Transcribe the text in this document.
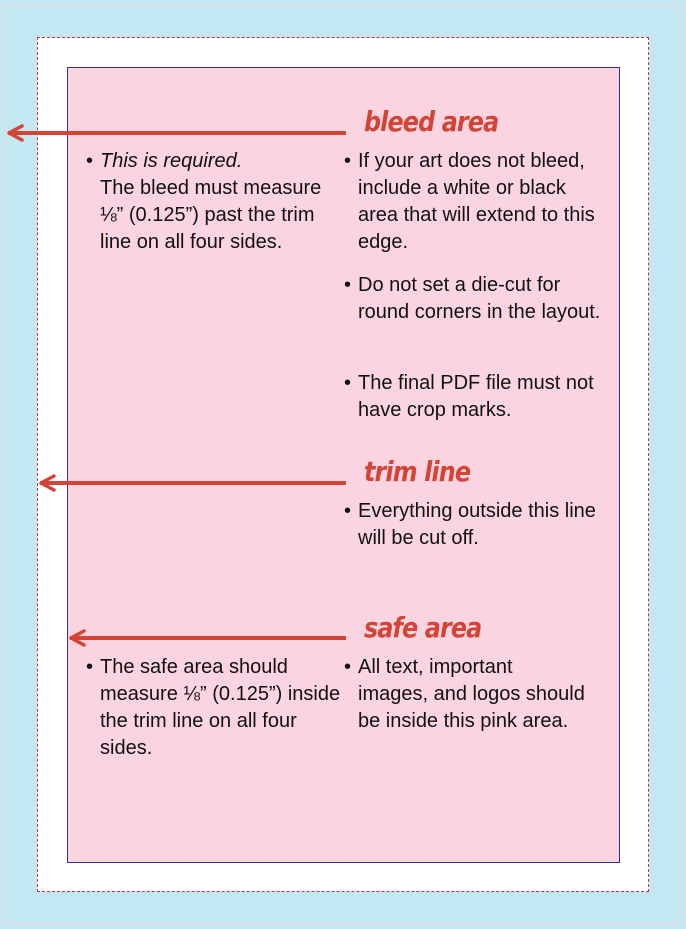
bleed area
• This is required.
The bleed must measure ⅛” (0.125”) past the trim line on all four sides.
• If your art does not bleed, include a white or black area that will extend to this edge.
• Do not set a die-cut for round corners in the layout.
• The final PDF file must not have crop marks.
trim line
• Everything outside this line will be cut off.
safe area
• The safe area should measure ⅛” (0.125”) inside the trim line on all four sides.
• All text, important images, and logos should be inside this pink area.
